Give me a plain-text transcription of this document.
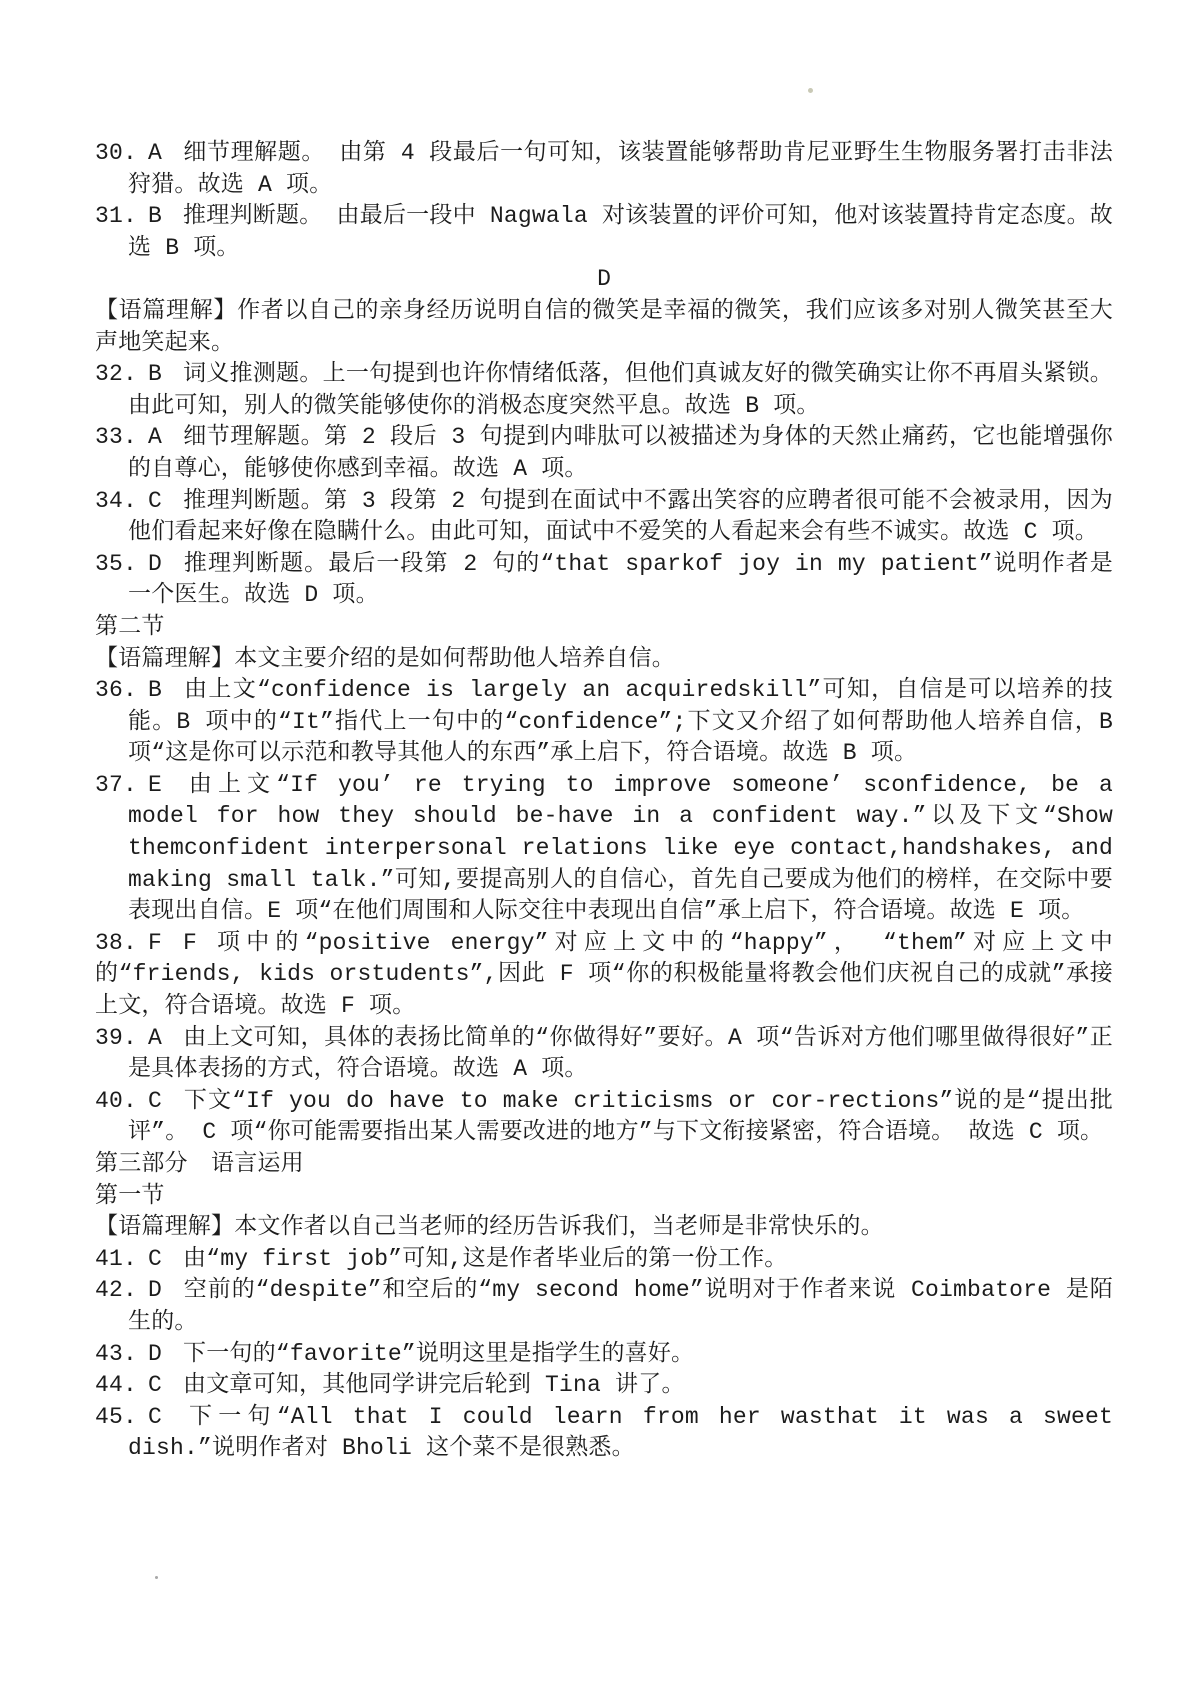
30. A 细节理解题。 由第 4 段最后一句可知，该装置能够帮助肯尼亚野生生物服务署打击非法狩猎。故选 A 项。

31. B 推理判断题。 由最后一段中 Nagwala 对该装置的评价可知，他对该装置持肯定态度。故选 B 项。

D

【语篇理解】作者以自己的亲身经历说明自信的微笑是幸福的微笑，我们应该多对别人微笑甚至大声地笑起来。

32. B 词义推测题。上一句提到也许你情绪低落，但他们真诚友好的微笑确实让你不再眉头紧锁。由此可知，别人的微笑能够使你的消极态度突然平息。故选 B 项。

33. A 细节理解题。第 2 段后 3 句提到内啡肽可以被描述为身体的天然止痛药，它也能增强你的自尊心，能够使你感到幸福。故选 A 项。

34. C 推理判断题。第 3 段第 2 句提到在面试中不露出笑容的应聘者很可能不会被录用，因为他们看起来好像在隐瞒什么。由此可知，面试中不爱笑的人看起来会有些不诚实。故选 C 项。

35. D 推理判断题。最后一段第 2 句的“that sparkof joy in my patient”说明作者是一个医生。故选 D 项。

第二节

【语篇理解】本文主要介绍的是如何帮助他人培养自信。

36. B 由上文“confidence is largely an acquiredskill”可知，自信是可以培养的技能。B 项中的“It”指代上一句中的“confidence”;下文又介绍了如何帮助他人培养自信，B 项“这是你可以示范和教导其他人的东西”承上启下，符合语境。故选 B 项。

37. E 由上文“If you’ re trying to improve someone’ sconfidence, be a model for how they should be-have in a confident way.”以及下文“Show themconfident interpersonal relations like eye contact,handshakes, and making small talk.”可知,要提高别人的自信心，首先自己要成为他们的榜样，在交际中要表现出自信。E 项“在他们周围和人际交往中表现出自信”承上启下，符合语境。故选 E 项。

38. F F 项中的“positive energy”对应上文中的“happy”， “them”对应上文中的“friends, kids orstudents”,因此 F 项“你的积极能量将教会他们庆祝自己的成就”承接上文，符合语境。故选 F 项。

39. A 由上文可知，具体的表扬比简单的“你做得好”要好。A 项“告诉对方他们哪里做得很好”正是具体表扬的方式，符合语境。故选 A 项。

40. C 下文“If you do have to make criticisms or cor-rections”说的是“提出批评”。 C 项“你可能需要指出某人需要改进的地方”与下文衔接紧密，符合语境。 故选 C 项。

第三部分　语言运用

第一节

【语篇理解】本文作者以自己当老师的经历告诉我们，当老师是非常快乐的。

41. C 由“my first job”可知,这是作者毕业后的第一份工作。

42. D 空前的“despite”和空后的“my second home”说明对于作者来说 Coimbatore 是陌生的。

43. D 下一句的“favorite”说明这里是指学生的喜好。

44. C 由文章可知，其他同学讲完后轮到 Tina 讲了。

45. C 下一句“All that I could learn from her wasthat it was a sweet dish.”说明作者对 Bholi 这个菜不是很熟悉。
